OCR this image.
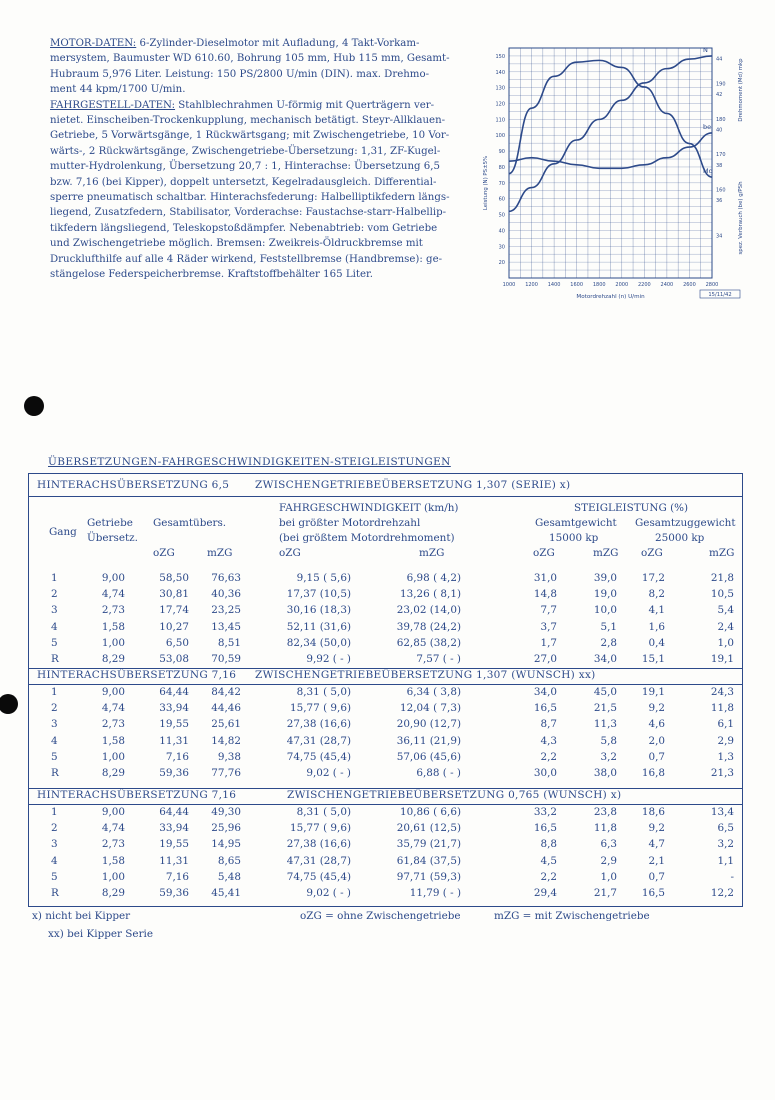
MOTOR-DATEN: 6-Zylinder-Dieselmotor mit Aufladung, 4 Takt-Vorkam-

mersystem, Baumuster WD 610.60, Bohrung 105 mm, Hub 115 mm, Gesamt-

Hubraum 5,976 Liter. Leistung: 150 PS/2800 U/min (DIN). max. Drehmo-

ment 44 kpm/1700 U/min.

FAHRGESTELL-DATEN: Stahlblechrahmen U-förmig mit Querträgern ver-

nietet. Einscheiben-Trockenkupplung, mechanisch betätigt. Steyr-Allklauen-

Getriebe, 5 Vorwärtsgänge, 1 Rückwärtsgang; mit Zwischengetriebe, 10 Vor-

wärts-, 2 Rückwärtsgänge, Zwischengetriebe-Übersetzung: 1,31, ZF-Kugel-

mutter-Hydrolenkung, Übersetzung 20,7 : 1, Hinterachse: Übersetzung 6,5

bzw. 7,16 (bei Kipper), doppelt untersetzt, Kegelradausgleich. Differential-

sperre pneumatisch schaltbar. Hinterachsfederung: Halbelliptikfedern längs-

liegend, Zusatzfedern, Stabilisator, Vorderachse: Faustachse-starr-Halbellip-

tikfedern längsliegend, Teleskopstoßdämpfer. Nebenabtrieb: vom Getriebe

und Zwischengetriebe möglich. Bremsen: Zweikreis-Öldruckbremse mit

Drucklufthilfe auf alle 4 Räder wirkend, Feststellbremse (Handbremse): ge-

stängelose Federspeicherbremse. Kraftstoffbehälter 165 Liter.

20
30
40
50
60
70
80
90
100
110
120
130
140
150
1000 1200 1400 1600 1800 2000 2200 2400 2600 2800
34
36
38
40
42
44
160
170
180
190
Motordrehzahl (n) U/min
Leistung (N) PS±5%
Drehmoment (Md) mkp
spez. Verbrauch (be) g/PSh
N
Md
be
15/11/42
ÜBERSETZUNGEN-FAHRGESCHWINDIGKEITEN-STEIGLEISTUNGEN
HINTERACHSÜBERSETZUNG 6,5 ZWISCHENGETRIEBEÜBERSETZUNG 1,307 (SERIE) x)
HINTERACHSÜBERSETZUNG 7,16 ZWISCHENGETRIEBEÜBERSETZUNG 1,307 (WUNSCH) xx)
HINTERACHSÜBERSETZUNG 7,16	ZWISCHENGETRIEBEÜBERSETZUNG 0,765 (WUNSCH) x)
Gang
Getriebe
Übersetz.
Gesamtübers.
FAHRGESCHWINDIGKEIT (km/h)
bei größter Motordrehzahl
(bei größtem Motordrehmoment)
STEIGLEISTUNG (%)
Gesamtgewicht
15000 kp
Gesamtzuggewicht
25000 kp
oZG	mZG	oZG	mZG	oZG	mZG oZG	mZG
1	9,00	58,50 76,63	9,15 ( 5,6)	6,98 ( 4,2)	31,0	39,0 17,2	21,8
2	4,74	30,81 40,36	17,37 (10,5)	13,26 ( 8,1)	14,8	19,0	8,2	10,5
3	2,73	17,74 23,25	30,16 (18,3)	23,02 (14,0)	7,7	10,0	4,1	5,4
4	1,58	10,27 13,45	52,11 (31,6)	39,78 (24,2)	3,7	5,1	1,6	2,4
5	1,00	6,50	8,51	82,34 (50,0)	62,85 (38,2)	1,7	2,8	0,4	1,0
R	8,29	53,08 70,59	9,92 ( - )	7,57 ( - )	27,0	34,0 15,1	19,1
1	9,00	64,44 84,42	8,31 ( 5,0)	6,34 ( 3,8)	34,0	45,0 19,1	24,3
2	4,74	33,94 44,46	15,77 ( 9,6)	12,04 ( 7,3)	16,5	21,5	9,2	11,8
3	2,73	19,55 25,61	27,38 (16,6)	20,90 (12,7)	8,7	11,3	4,6	6,1
4	1,58	11,31 14,82	47,31 (28,7)	36,11 (21,9)	4,3	5,8	2,0	2,9
5	1,00	7,16	9,38	74,75 (45,4)	57,06 (45,6)	2,2	3,2	0,7	1,3
R	8,29	59,36 77,76	9,02 ( - )	6,88 ( - )	30,0	38,0 16,8	21,3
1	9,00	64,44 49,30	8,31 ( 5,0)	10,86 ( 6,6)	33,2	23,8 18,6	13,4
2	4,74	33,94 25,96	15,77 ( 9,6)	20,61 (12,5)	16,5	11,8	9,2	6,5
3	2,73	19,55 14,95	27,38 (16,6)	35,79 (21,7)	8,8	6,3	4,7	3,2
4	1,58	11,31	8,65	47,31 (28,7)	61,84 (37,5)	4,5	2,9	2,1	1,1
5	1,00	7,16	5,48	74,75 (45,4)	97,71 (59,3)	2,2	1,0	0,7	-
R	8,29	59,36 45,41	9,02 ( - )	11,79 ( - )	29,4	21,7 16,5	12,2
x) nicht bei Kipper
xx) bei Kipper Serie
oZG = ohne Zwischengetriebe	mZG = mit Zwischengetriebe
